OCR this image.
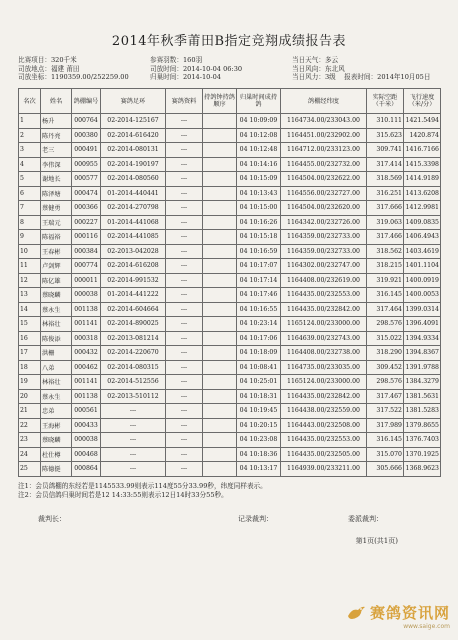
2014年秋季莆田B指定竞翔成绩报告表
比赛项目：320千米	参赛羽数：160羽	当日天气：多云
司放地点：福建 莆田	司放时间：2014-10-04 06:30	当日风向：东北风
司放坐标：1190359.00/252259.00	归巢时间：2014-10-04	当日风力：3级 报表时间：2014年10月05日
名次	姓名	鸽棚编号	赛鸽足环	赛鸽资料	持鸽钟持鸽顺序	归巢时间成持鸽	鸽棚经纬度	实际空距（千米）	飞行速度（米/分）
1	杨升	000764	02-2014-125167	---		04 10:09:09	1164734.00/233043.00	310.111	1421.5494
2	陈丹亮	000380	02-2014-616420	---		04 10:12:08	1164451.00/232902.00	315.623	1420.874
3	老三	000491	02-2014-080131	---		04 10:12:48	1164712.00/233123.00	309.741	1416.7166
4	李伟深	000955	02-2014-190197	---		04 10:14:16	1164455.00/232732.00	317.414	1415.3398
5	谢地长	000577	02-2014-080560	---		04 10:15:09	1164504.00/232622.00	318.569	1414.9189
6	陈泽塘	000474	01-2014-440441	---		04 10:13:43	1164556.00/232727.00	316.251	1413.6208
7	蔡健勇	000366	02-2014-270798	---		04 10:15:00	1164504.00/232620.00	317.666	1412.9981
8	王瑞元	000227	01-2014-441068	---		04 10:16:26	1164342.00/232726.00	319.063	1409.0835
9	陈福裕	000116	02-2014-441085	---		04 10:15:18	1164359.00/232733.00	317.466	1406.4943
10	王春彬	000384	02-2013-042028	---		04 10:16:59	1164359.00/232733.00	318.562	1403.4619
11	卢剑辉	000774	02-2014-616208	---		04 10:17:07	1164302.00/232747.00	318.215	1401.1104
12	陈亿雄	000011	02-2014-991532	---		04 10:17:14	1164408.00/232619.00	319.921	1400.0919
13	蔡晓麟	000038	01-2014-441222	---		04 10:17:46	1164435.00/232553.00	316.145	1400.0053
14	蔡永生	001138	02-2014-604664	---		04 10:16:55	1164435.00/232842.00	317.464	1399.0314
15	林裕壮	001141	02-2014-890025	---		04 10:23:14	1165124.00/233000.00	298.576	1396.4091
16	陈俊添	000318	02-2013-081214	---		04 10:17:06	1164639.00/232743.00	315.022	1394.9334
17	洪栅	000432	02-2014-220670	---		04 10:18:09	1164408.00/232738.00	318.290	1394.8367
18	八弟	000462	02-2014-080315	---		04 10:08:41	1164735.00/233035.00	309.452	1391.9788
19	林裕壮	001141	02-2014-512556	---		04 10:25:01	1165124.00/233000.00	298.576	1384.3279
20	蔡永生	001138	02-2013-510112	---		04 10:18:31	1164435.00/232842.00	317.467	1381.5631
21	忠弟	000561	---	---		04 10:19:45	1164438.00/232559.00	317.522	1381.5283
22	王海彬	000433	---	---		04 10:20:15	1164443.00/232508.00	317.989	1379.8655
23	蔡晓麟	000038	---	---		04 10:23:08	1164435.00/232553.00	316.145	1376.7403
24	杜仕樽	000468	---	---		04 10:18:36	1164435.00/232505.00	315.070	1370.1925
25	陈德挺	000864	---	---		04 10:13:17	1164939.00/233211.00	305.666	1368.9623
注1：会员鸽棚的东经若是1145533.99则表示114度55分33.99秒，纬度同样表示。
注2：会员信鸽归巢时间若是12 14:33:55则表示12日14时33分55秒。
裁判长：	记录裁判：	委派裁判：
第1页(共1页)
赛鸽资讯网
www.saige.com
